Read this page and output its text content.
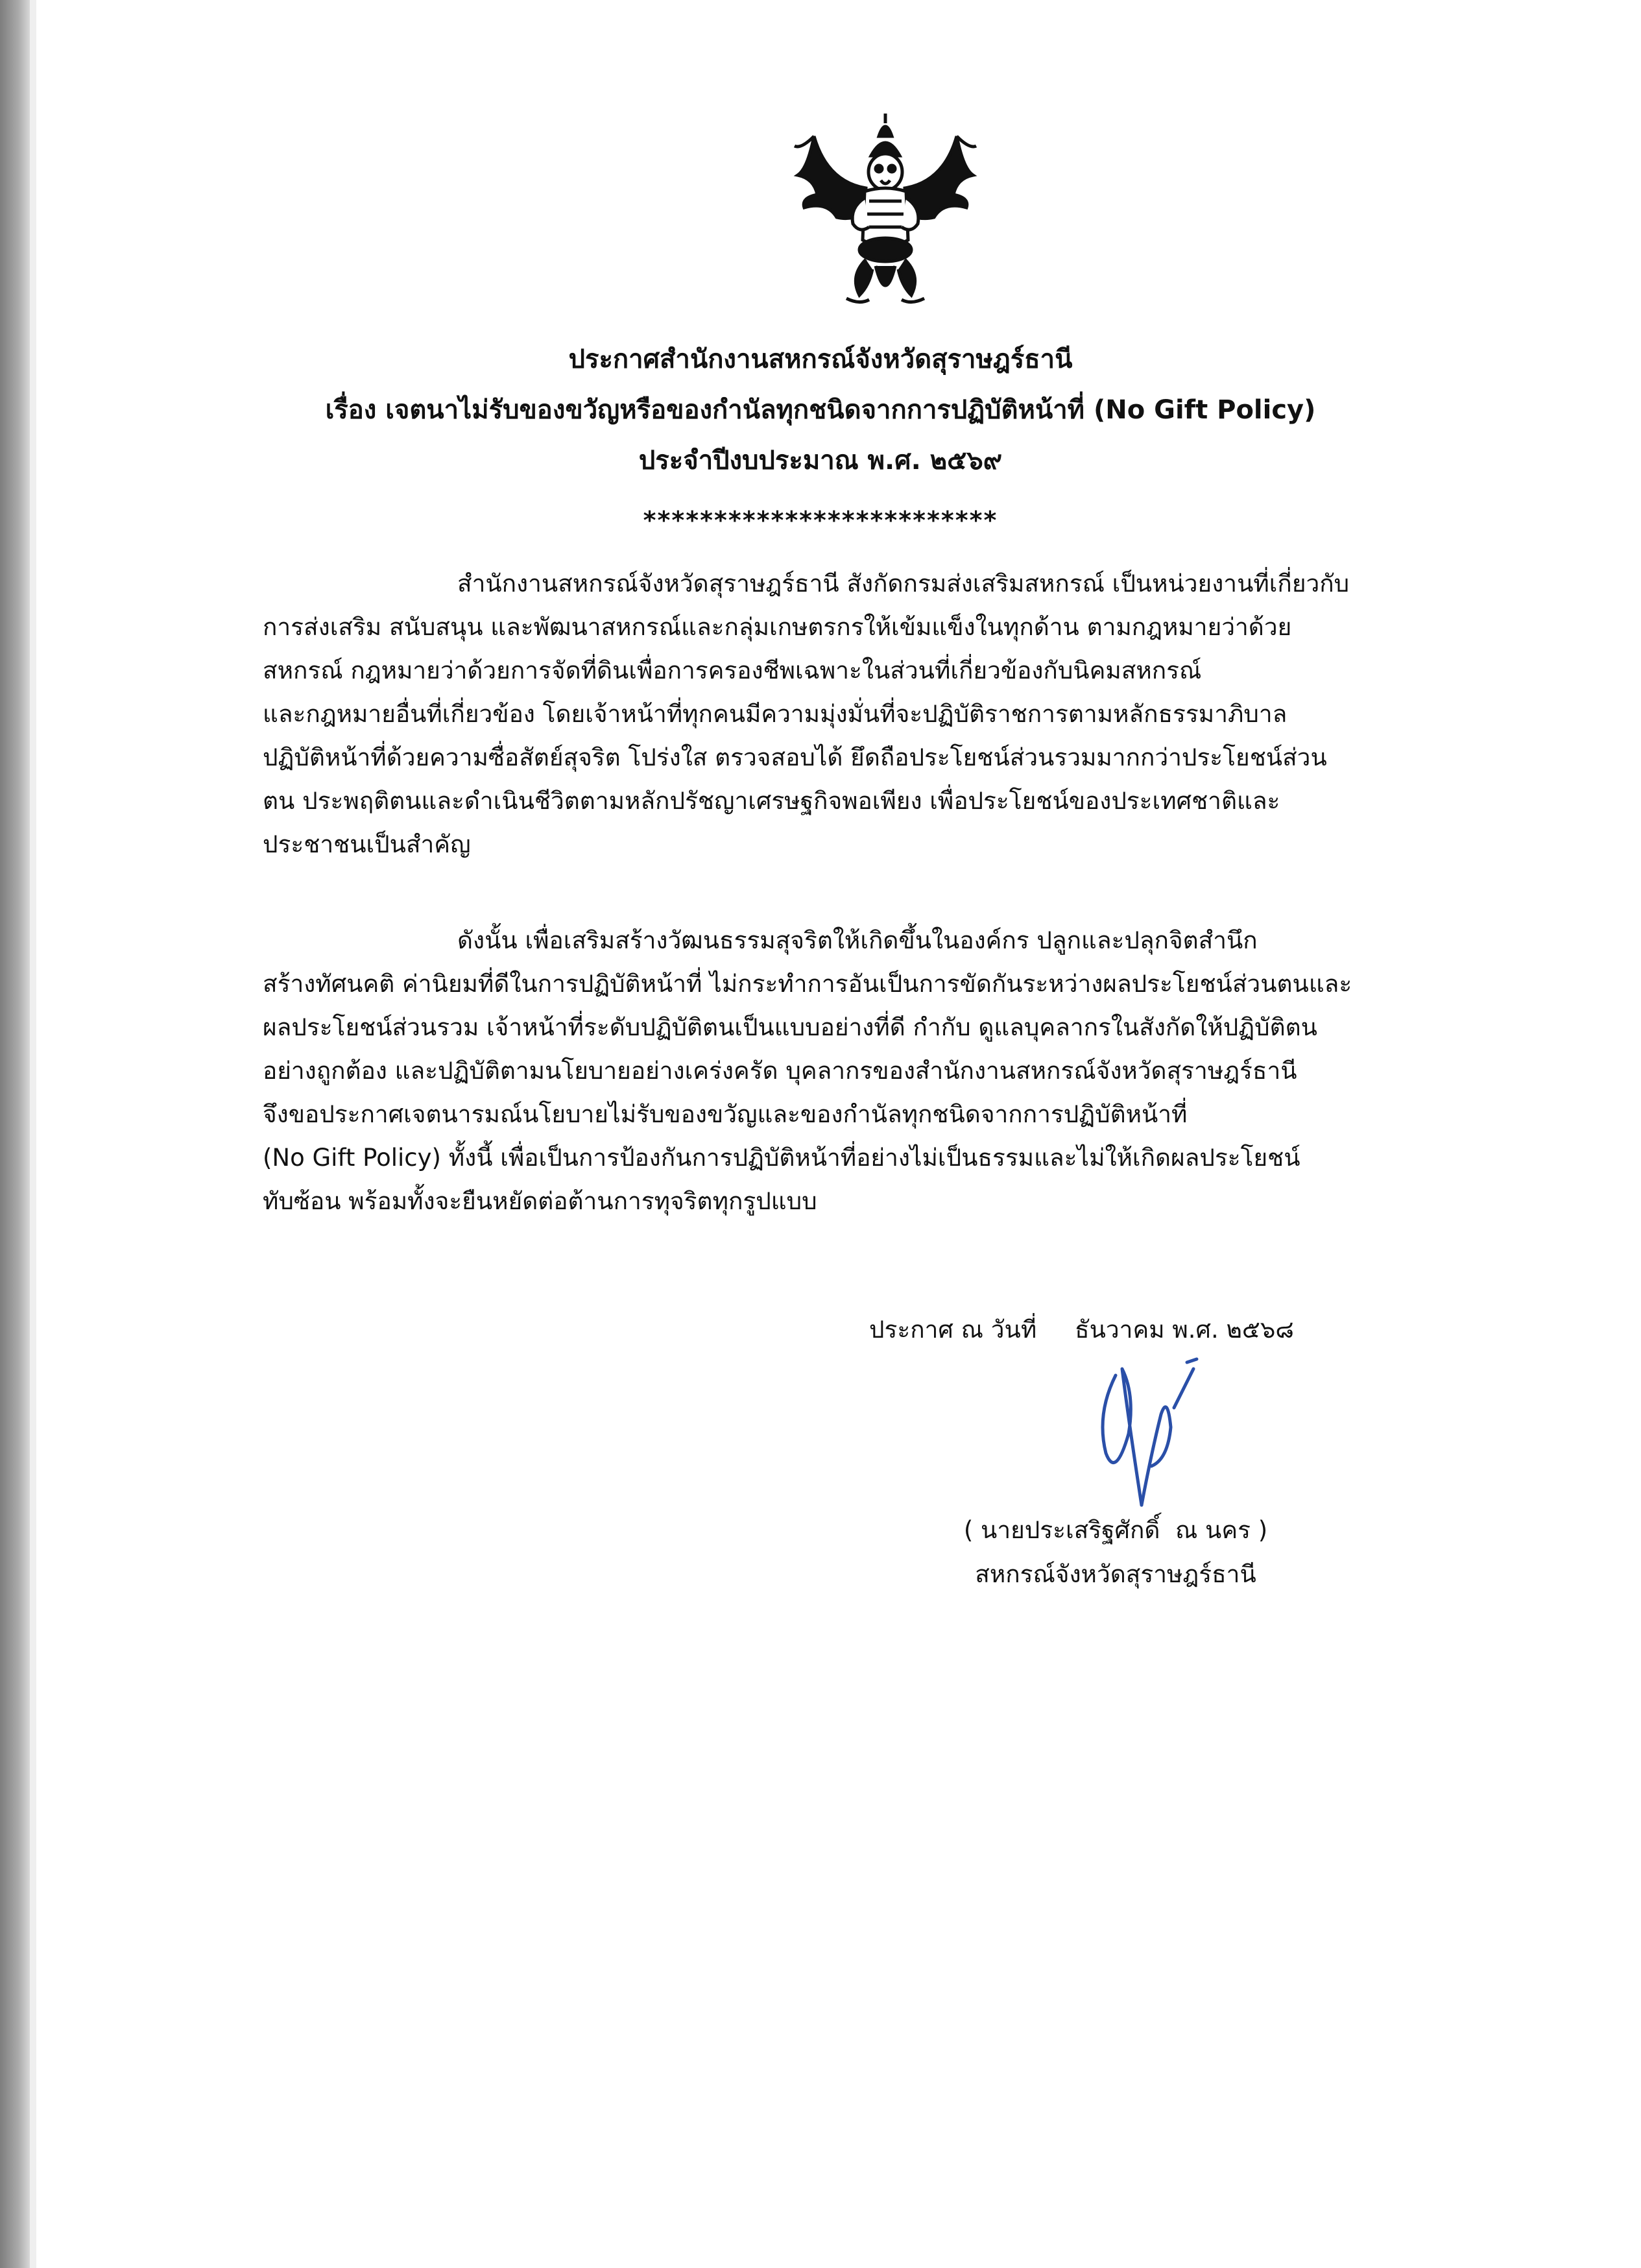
ประกาศสำนักงานสหกรณ์จังหวัดสุราษฎร์ธานี
เรื่อง เจตนาไม่รับของขวัญหรือของกำนัลทุกชนิดจากการปฏิบัติหน้าที่ (No Gift Policy)
ประจำปีงบประมาณ พ.ศ. ๒๕๖๙
*************************
สำนักงานสหกรณ์จังหวัดสุราษฎร์ธานี สังกัดกรมส่งเสริมสหกรณ์ เป็นหน่วยงานที่เกี่ยวกับ
การส่งเสริม สนับสนุน และพัฒนาสหกรณ์และกลุ่มเกษตรกรให้เข้มแข็งในทุกด้าน ตามกฎหมายว่าด้วย
สหกรณ์ กฎหมายว่าด้วยการจัดที่ดินเพื่อการครองชีพเฉพาะในส่วนที่เกี่ยวข้องกับนิคมสหกรณ์
และกฎหมายอื่นที่เกี่ยวข้อง โดยเจ้าหน้าที่ทุกคนมีความมุ่งมั่นที่จะปฏิบัติราชการตามหลักธรรมาภิบาล
ปฏิบัติหน้าที่ด้วยความซื่อสัตย์สุจริต โปร่งใส ตรวจสอบได้ ยึดถือประโยชน์ส่วนรวมมากกว่าประโยชน์ส่วน
ตน ประพฤติตนและดำเนินชีวิตตามหลักปรัชญาเศรษฐกิจพอเพียง เพื่อประโยชน์ของประเทศชาติและ
ประชาชนเป็นสำคัญ
ดังนั้น เพื่อเสริมสร้างวัฒนธรรมสุจริตให้เกิดขึ้นในองค์กร ปลูกและปลุกจิตสำนึก
สร้างทัศนคติ ค่านิยมที่ดีในการปฏิบัติหน้าที่ ไม่กระทำการอันเป็นการขัดกันระหว่างผลประโยชน์ส่วนตนและ
ผลประโยชน์ส่วนรวม เจ้าหน้าที่ระดับปฏิบัติตนเป็นแบบอย่างที่ดี กำกับ ดูแลบุคลากรในสังกัดให้ปฏิบัติตน
อย่างถูกต้อง และปฏิบัติตามนโยบายอย่างเคร่งครัด บุคลากรของสำนักงานสหกรณ์จังหวัดสุราษฎร์ธานี
จึงขอประกาศเจตนารมณ์นโยบายไม่รับของขวัญและของกำนัลทุกชนิดจากการปฏิบัติหน้าที่
(No Gift Policy) ทั้งนี้ เพื่อเป็นการป้องกันการปฏิบัติหน้าที่อย่างไม่เป็นธรรมและไม่ให้เกิดผลประโยชน์
ทับซ้อน พร้อมทั้งจะยืนหยัดต่อต้านการทุจริตทุกรูปแบบ
ประกาศ ณ วันที่     ธันวาคม พ.ศ. ๒๕๖๘
( นายประเสริฐศักดิ์  ณ นคร )
สหกรณ์จังหวัดสุราษฎร์ธานี
